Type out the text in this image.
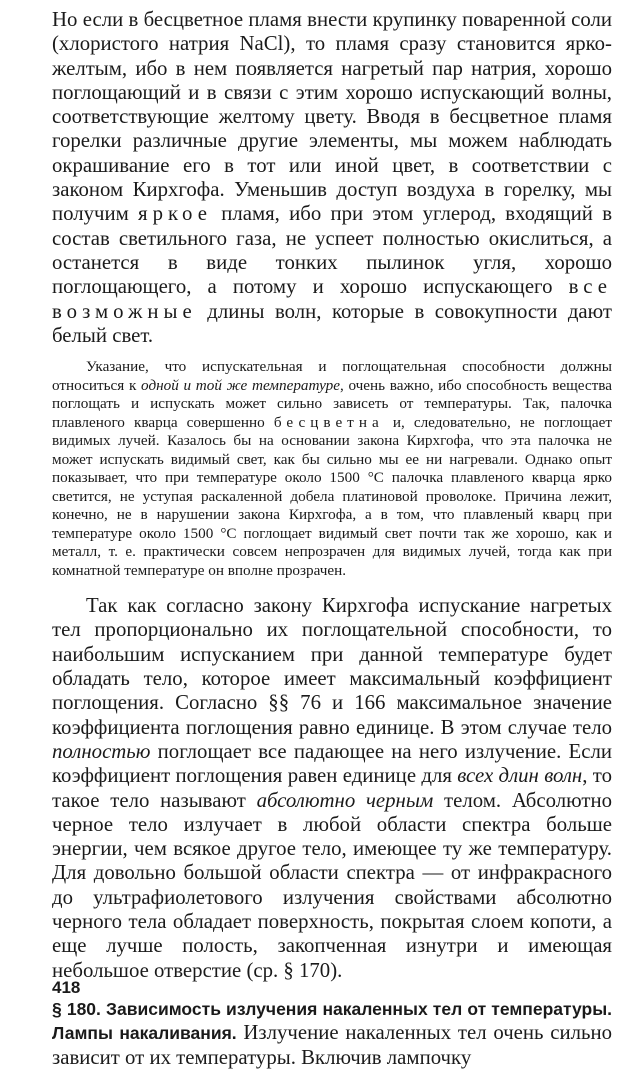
Но если в бесцветное пламя внести крупинку поваренной соли (хлористого натрия NaCl), то пламя сразу становится ярко-желтым, ибо в нем появляется нагретый пар натрия, хорошо поглощающий и в связи с этим хорошо испускающий волны, соответствующие желтому цвету. Вводя в бесцветное пламя горелки различные другие элементы, мы можем наблюдать окрашивание его в тот или иной цвет, в соответствии с законом Кирхгофа. Уменьшив доступ воздуха в горелку, мы получим яркое пламя, ибо при этом углерод, входящий в состав светильного газа, не успеет полностью окислиться, а останется в виде тонких пылинок угля, хорошо поглощающего, а потому и хорошо испускающего все возможные длины волн, которые в совокупности дают белый свет.

Указание, что испускательная и поглощательная способности должны относиться к одной и той же температуре, очень важно, ибо способность вещества поглощать и испускать может сильно зависеть от температуры. Так, палочка плавленого кварца совершенно бесцветна и, следовательно, не поглощает видимых лучей. Казалось бы на основании закона Кирхгофа, что эта палочка не может испускать видимый свет, как бы сильно мы ее ни нагревали. Однако опыт показывает, что при температуре около 1500 °C палочка плавленого кварца ярко светится, не уступая раскаленной добела платиновой проволоке. Причина лежит, конечно, не в нарушении закона Кирхгофа, а в том, что плавленый кварц при температуре около 1500 °C поглощает видимый свет почти так же хорошо, как и металл, т. е. практически совсем непрозрачен для видимых лучей, тогда как при комнатной температуре он вполне прозрачен.

Так как согласно закону Кирхгофа испускание нагретых тел пропорционально их поглощательной способности, то наибольшим испусканием при данной температуре будет обладать тело, которое имеет максимальный коэффициент поглощения. Согласно §§ 76 и 166 максимальное значение коэффициента поглощения равно единице. В этом случае тело полностью поглощает все падающее на него излучение. Если коэффициент поглощения равен единице для всех длин волн, то такое тело называют абсолютно черным телом. Абсолютно черное тело излучает в любой области спектра больше энергии, чем всякое другое тело, имеющее ту же температуру. Для довольно большой области спектра — от инфракрасного до ультрафиолетового излучения свойствами абсолютно черного тела обладает поверхность, покрытая слоем копоти, а еще лучше полость, закопченная изнутри и имеющая небольшое отверстие (ср. § 170).

§ 180. Зависимость излучения накаленных тел от температуры. Лампы накаливания. Излучение накаленных тел очень сильно зависит от их температуры. Включив лампочку

418
